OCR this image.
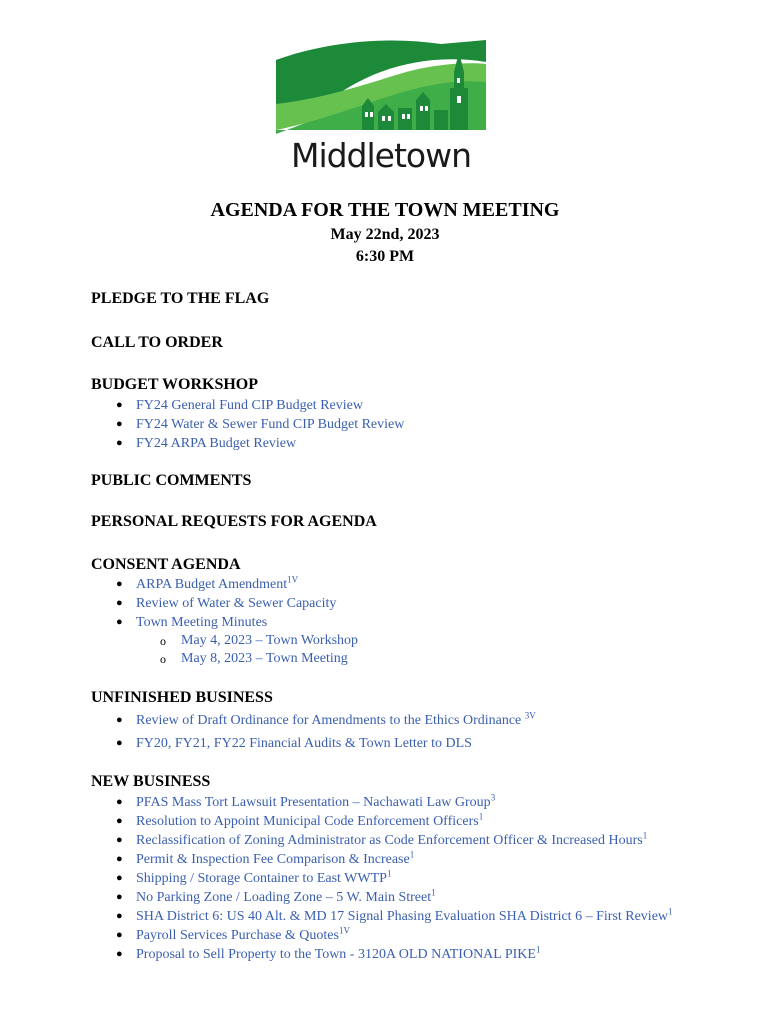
Middletown
AGENDA FOR THE TOWN MEETING
May 22nd, 2023
6:30 PM
PLEDGE TO THE FLAG
CALL TO ORDER
BUDGET WORKSHOP
● FY24 General Fund CIP Budget Review
● FY24 Water & Sewer Fund CIP Budget Review
● FY24 ARPA Budget Review
PUBLIC COMMENTS
PERSONAL REQUESTS FOR AGENDA
CONSENT AGENDA
● ARPA Budget Amendment$^{1V}$
● Review of Water & Sewer Capacity
● Town Meeting Minutes
o May 4, 2023 – Town Workshop
o May 8, 2023 – Town Meeting
UNFINISHED BUSINESS
● Review of Draft Ordinance for Amendments to the Ethics Ordinance $^{3V}$
● FY20, FY21, FY22 Financial Audits & Town Letter to DLS
NEW BUSINESS
● PFAS Mass Tort Lawsuit Presentation – Nachawati Law Group$^3$
● Resolution to Appoint Municipal Code Enforcement Officers$^1$
● Reclassification of Zoning Administrator as Code Enforcement Officer & Increased Hours$^1$
● Permit & Inspection Fee Comparison & Increase$^1$
● Shipping / Storage Container to East WWTP$^1$
● No Parking Zone / Loading Zone – 5 W. Main Street$^1$
● SHA District 6: US 40 Alt. & MD 17 Signal Phasing Evaluation SHA District 6 – First Review$^1$
● Payroll Services Purchase & Quotes$^{1V}$
● Proposal to Sell Property to the Town - 3120A OLD NATIONAL PIKE$^1$
